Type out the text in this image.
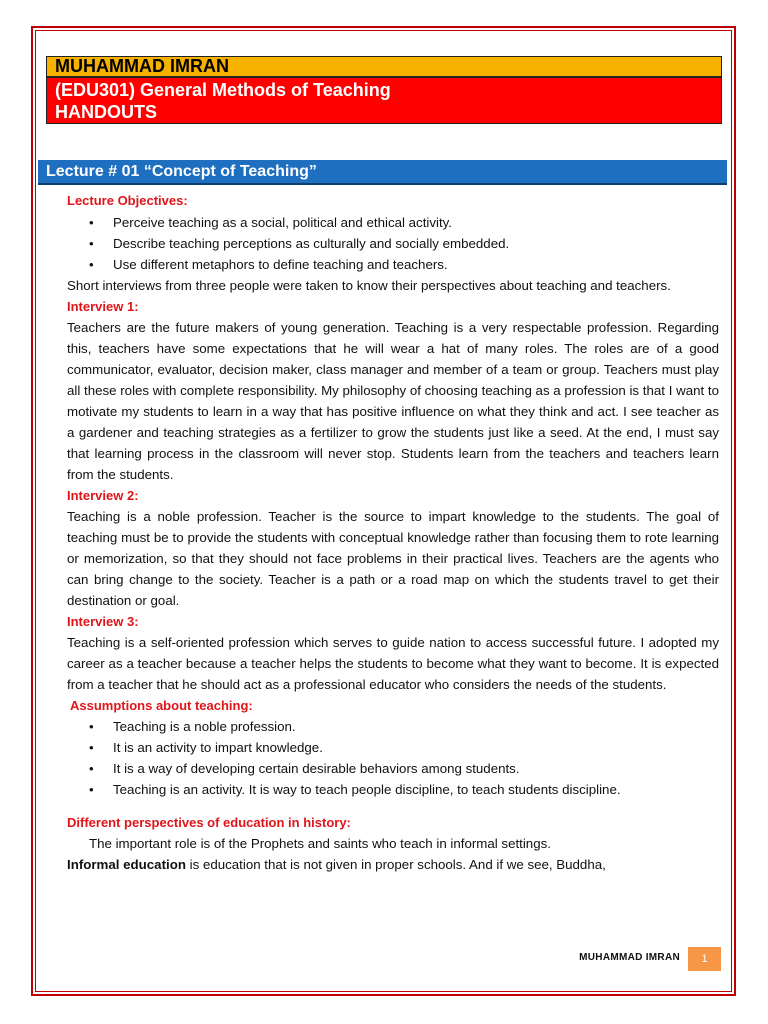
MUHAMMAD IMRAN
(EDU301) General Methods of Teaching
HANDOUTS
Lecture # 01 “Concept of Teaching”
Lecture Objectives:
• Perceive teaching as a social, political and ethical activity.
• Describe teaching perceptions as culturally and socially embedded.
• Use different metaphors to define teaching and teachers.
Short interviews from three people were taken to know their perspectives about teaching and teachers.
Interview 1:
Teachers are the future makers of young generation. Teaching is a very respectable profession. Regarding this, teachers have some expectations that he will wear a hat of many roles. The roles are of a good communicator, evaluator, decision maker, class manager and member of a team or group. Teachers must play all these roles with complete responsibility. My philosophy of choosing teaching as a profession is that I want to motivate my students to learn in a way that has positive influence on what they think and act. I see teacher as a gardener and teaching strategies as a fertilizer to grow the students just like a seed. At the end, I must say that learning process in the classroom will never stop. Students learn from the teachers and teachers learn from the students.
Interview 2:
Teaching is a noble profession. Teacher is the source to impart knowledge to the students. The goal of teaching must be to provide the students with conceptual knowledge rather than focusing them to rote learning or memorization, so that they should not face problems in their practical lives. Teachers are the agents who can bring change to the society. Teacher is a path or a road map on which the students travel to get their destination or goal.
Interview 3:
Teaching is a self-oriented profession which serves to guide nation to access successful future. I adopted my career as a teacher because a teacher helps the students to become what they want to become. It is expected from a teacher that he should act as a professional educator who considers the needs of the students.
Assumptions about teaching:
• Teaching is a noble profession.
• It is an activity to impart knowledge.
• It is a way of developing certain desirable behaviors among students.
• Teaching is an activity. It is way to teach people discipline, to teach students discipline.
Different perspectives of education in history:
The important role is of the Prophets and saints who teach in informal settings.
Informal education is education that is not given in proper schools. And if we see, Buddha,
MUHAMMAD IMRAN	1
